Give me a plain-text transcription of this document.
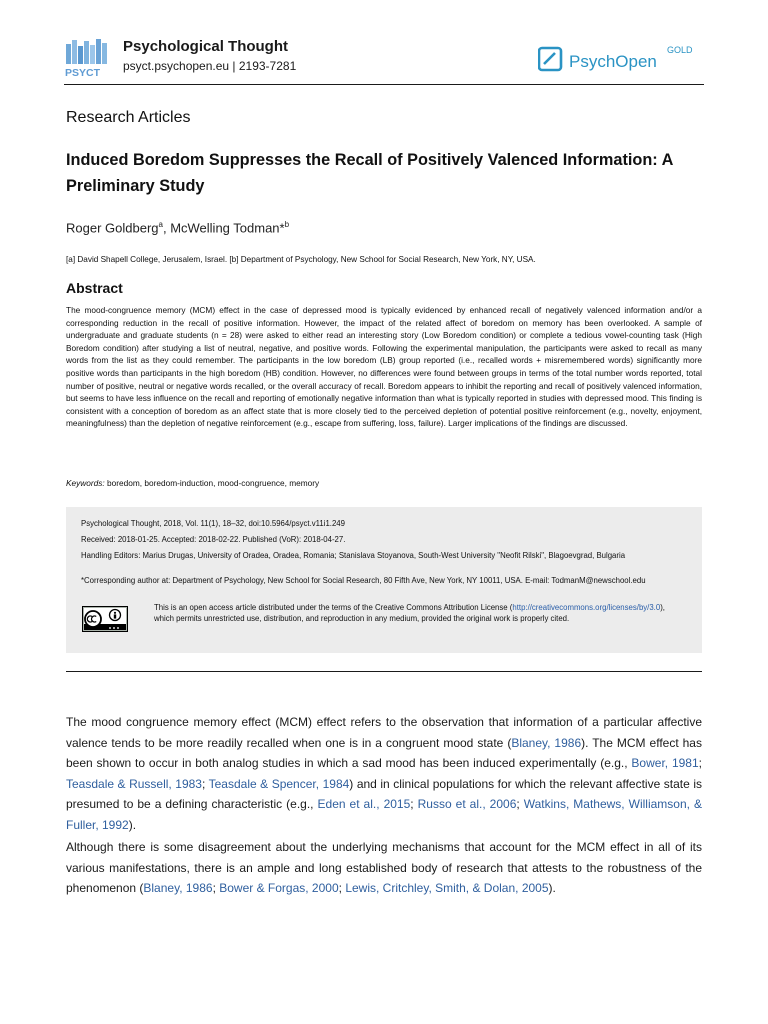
PSYCT
Psychological Thought
psyct.psychopen.eu | 2193-7281	PsychOpen
GOLD
Research Articles
Induced Boredom Suppresses the Recall of Positively Valenced Information: A Preliminary Study
Roger Goldberg$^a$, McWelling Todman*$^b$
[a] David Shapell College, Jerusalem, Israel. [b] Department of Psychology, New School for Social Research, New York, NY, USA.
Abstract
The mood-congruence memory (MCM) effect in the case of depressed mood is typically evidenced by enhanced recall of negatively valenced information and/or a corresponding reduction in the recall of positive information. However, the impact of the related affect of boredom on memory has been overlooked. A sample of undergraduate and graduate students (n = 28) were asked to either read an interesting story (Low Boredom condition) or complete a tedious vowel-counting task (High Boredom condition) after studying a list of neutral, negative, and positive words. Following the experimental manipulation, the participants were asked to recall as many words from the list as they could remember. The participants in the low boredom (LB) group reported (i.e., recalled words + misremembered words) significantly more positive words than participants in the high boredom (HB) condition. However, no differences were found between groups in terms of the total number words reported, total number of positive, neutral or negative words recalled, or the overall accuracy of recall. Boredom appears to inhibit the reporting and recall of positively valenced information, but seems to have less influence on the recall and reporting of emotionally negative information than what is typically reported in studies with depressed mood. This finding is consistent with a conception of boredom as an affect state that is more closely tied to the perceived depletion of potential positive reinforcement (e.g., novelty, enjoyment, meaningfulness) than the depletion of negative reinforcement (e.g., escape from suffering, loss, failure). Larger implications of the findings are discussed.
Keywords: boredom, boredom-induction, mood-congruence, memory
Psychological Thought, 2018, Vol. 11(1), 18–32, doi:10.5964/psyct.v11i1.249
Received: 2018-01-25. Accepted: 2018-02-22. Published (VoR): 2018-04-27.
Handling Editors: Marius Drugas, University of Oradea, Oradea, Romania; Stanislava Stoyanova, South-West University "Neofit Rilski", Blagoevgrad, Bulgaria
*Corresponding author at: Department of Psychology, New School for Social Research, 80 Fifth Ave, New York, NY 10011, USA. E-mail: TodmanM@newschool.edu
This is an open access article distributed under the terms of the Creative Commons Attribution License (http://creativecommons.org/licenses/by/3.0), which permits unrestricted use, distribution, and reproduction in any medium, provided the original work is properly cited.
The mood congruence memory effect (MCM) effect refers to the observation that information of a particular affective valence tends to be more readily recalled when one is in a congruent mood state (Blaney, 1986). The MCM effect has been shown to occur in both analog studies in which a sad mood has been induced experimentally (e.g., Bower, 1981; Teasdale & Russell, 1983; Teasdale & Spencer, 1984) and in clinical populations for which the relevant affective state is presumed to be a defining characteristic (e.g., Eden et al., 2015; Russo et al., 2006; Watkins, Mathews, Williamson, & Fuller, 1992).
Although there is some disagreement about the underlying mechanisms that account for the MCM effect in all of its various manifestations, there is an ample and long established body of research that attests to the robustness of the phenomenon (Blaney, 1986; Bower & Forgas, 2000; Lewis, Critchley, Smith, & Dolan, 2005).
